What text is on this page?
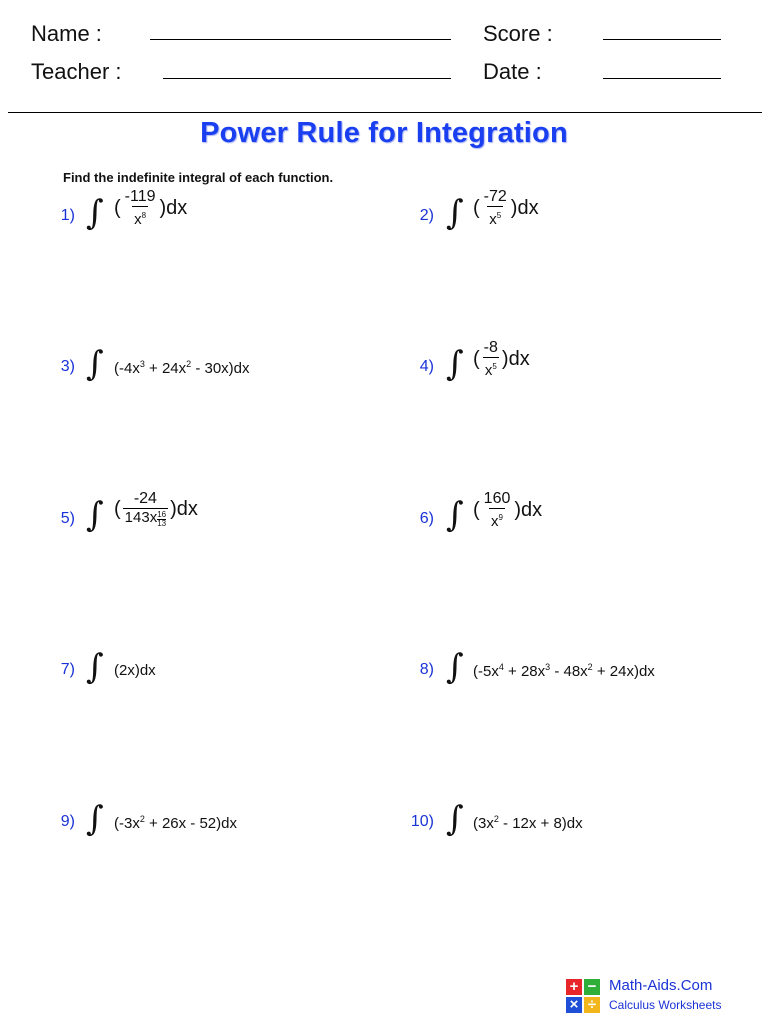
Name :	Score :
Teacher :	Date :
Power Rule for Integration
Find the indefinite integral of each function.
1) ∫ ( $\frac{-119}{x^8} )dx$	2) ∫ ( $\frac{-72}{x^5} )dx$
3) ∫ $(-4x^3 + 24x^2 - 30x)dx$	4) ∫ ( $\frac{-8}{x^5} )dx$
5) ∫ ( $\frac{-24}{143x \frac{16}{13}} )dx$	6) ∫ ( $\frac{160}{x^9} )dx$
7) ∫ (2x)dx	8) ∫ $(-5x^4 + 28x^3 - 48x^2 + 24x)dx$
9) ∫ $(-3x^2 + 26x - 52)dx$	10) ∫ $(3x^2 - 12x + 8)dx$
+ −
× ÷
Math-Aids.Com
Calculus Worksheets
